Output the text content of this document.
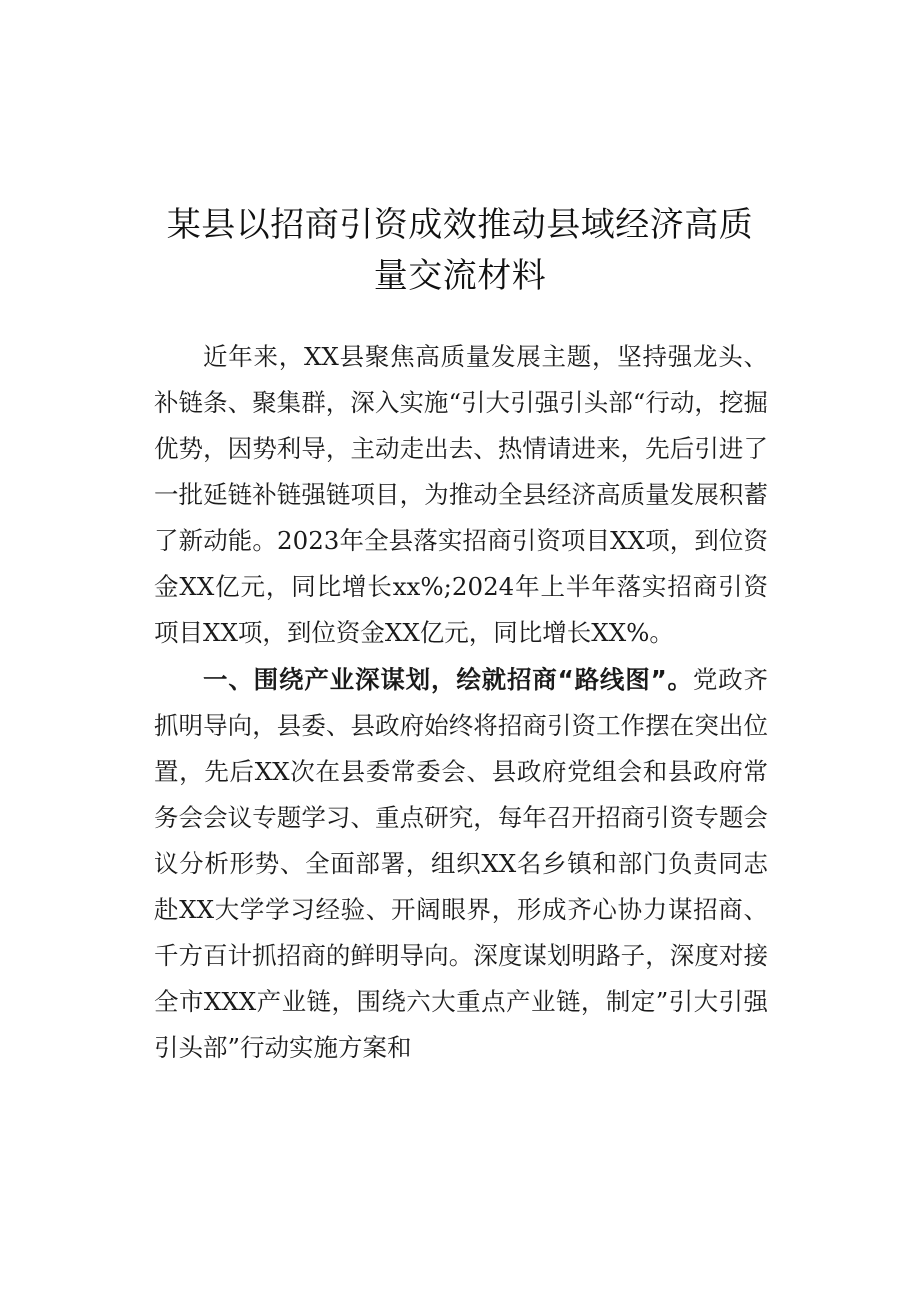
某县以招商引资成效推动县域经济高质量交流材料

近年来，XX县聚焦高质量发展主题，坚持强龙头、补链条、聚集群，深入实施“引大引强引头部“行动，挖掘优势，因势利导，主动走出去、热情请进来，先后引进了一批延链补链强链项目，为推动全县经济高质量发展积蓄了新动能。2023年全县落实招商引资项目XX项，到位资金XX亿元，同比增长xx%;2024年上半年落实招商引资项目XX项，到位资金XX亿元，同比增长XX%。

一、围绕产业深谋划，绘就招商“路线图”。党政齐抓明导向，县委、县政府始终将招商引资工作摆在突出位置，先后XX次在县委常委会、县政府党组会和县政府常务会会议专题学习、重点研究，每年召开招商引资专题会议分析形势、全面部署，组织XX名乡镇和部门负责同志赴XX大学学习经验、开阔眼界，形成齐心协力谋招商、千方百计抓招商的鲜明导向。深度谋划明路子，深度对接全市XXX产业链，围绕六大重点产业链，制定”引大引强引头部”行动实施方案和
